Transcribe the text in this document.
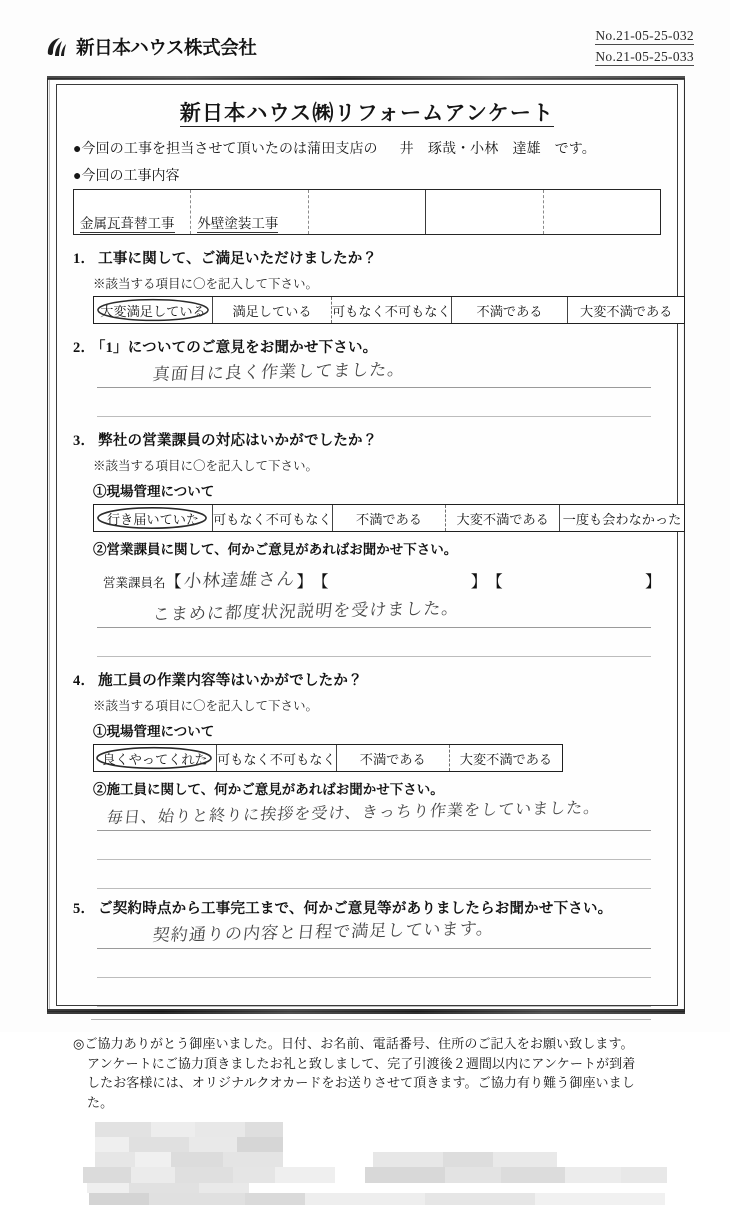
新日本ハウス株式会社
No.21-05-25-032
No.21-05-25-033
新日本ハウス㈱リフォームアンケート
●今回の工事を担当させて頂いたのは蒲田支店の 井　琢哉・小林　達雄 です。
●今回の工事内容
金属瓦葺替工事 外壁塗装工事
1． 工事に関して、ご満足いただけましたか？
※該当する項目に〇を記入して下さい。
大変満足している 満足している 可もなく不可もなく 不満である	大変不満である
2． 「1」についてのご意見をお聞かせ下さい。
真面目に良く作業してました。
3． 弊社の営業課員の対応はいかがでしたか？
※該当する項目に〇を記入して下さい。
①現場管理について
行き届いていた 可もなく不可もなく 不満である	大変不満である 一度も会わなかった
②営業課員に関して、何かご意見があればお聞かせ下さい。
営業課員名 【 小林達雄さん 】 【	】 【	】
こまめに都度状況説明を受けました。
4． 施工員の作業内容等はいかがでしたか？
※該当する項目に〇を記入して下さい。
①現場管理について
良くやってくれた 可もなく不可もなく 不満である	大変不満である
②施工員に関して、何かご意見があればお聞かせ下さい。
毎日、始りと終りに挨拶を受け、きっちり作業をしていました。
5． ご契約時点から工事完工まで、何かご意見等がありましたらお聞かせ下さい。
契約通りの内容と日程で満足しています。
◎ご協力ありがとう御座いました。日付、お名前、電話番号、住所のご記入をお願い致します。
アンケートにご協力頂きましたお礼と致しまして、完了引渡後２週間以内にアンケートが到着
したお客様には、オリジナルクオカードをお送りさせて頂きます。ご協力有り難う御座いました。
